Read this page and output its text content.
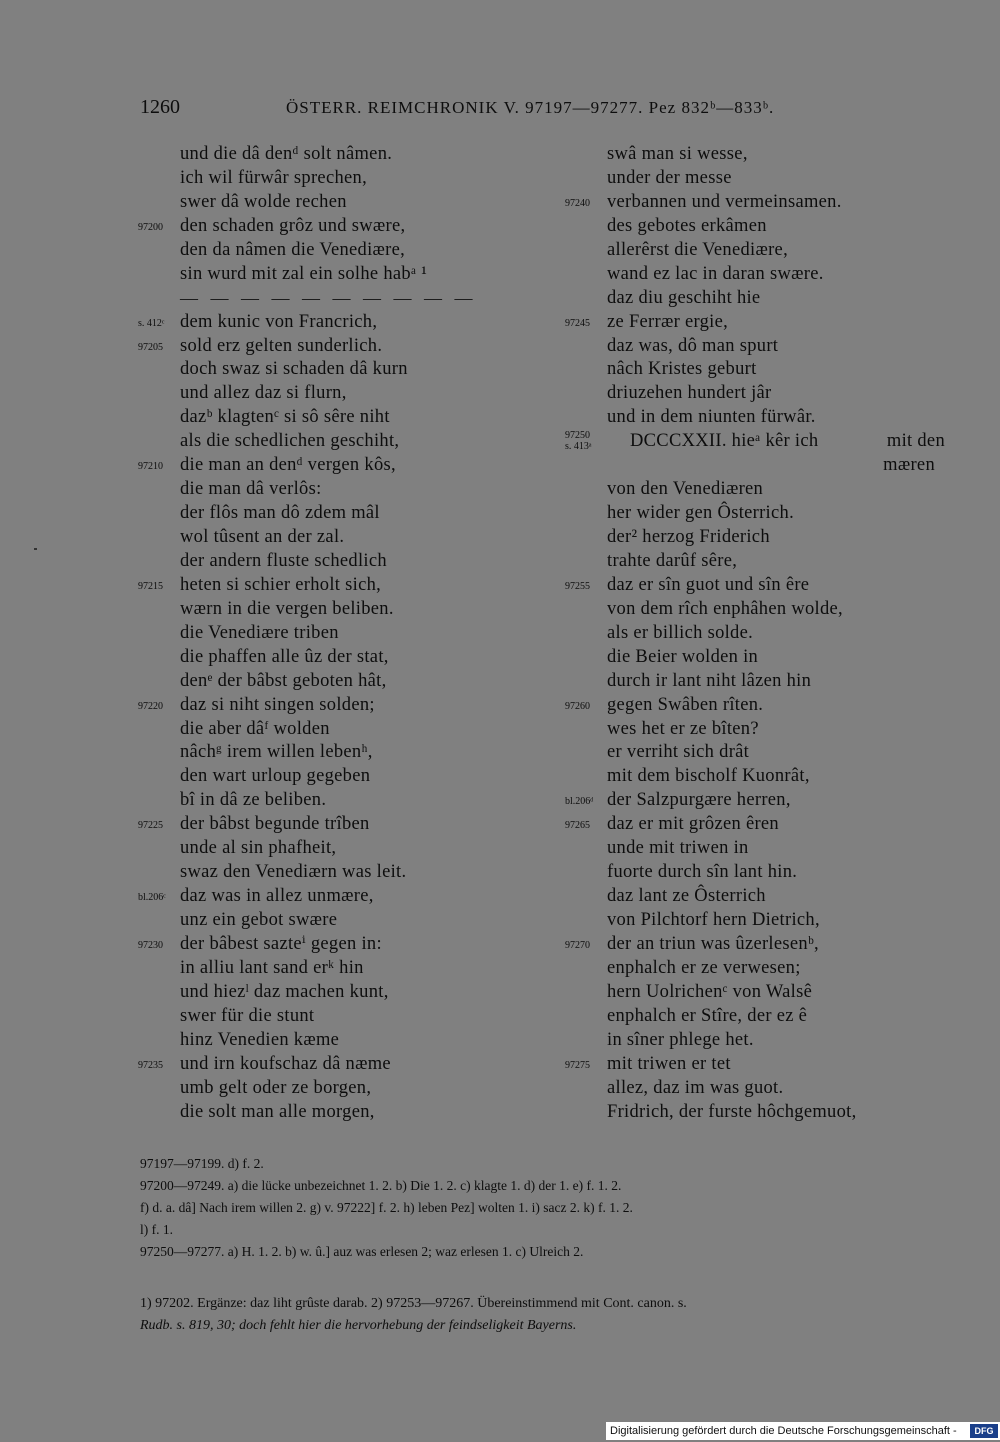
1260	ÖSTERR. REIMCHRONIK V. 97197—97277. Pez 832ᵇ—833ᵇ.
und die dâ denᵈ solt nâmen.
ich wil fürwâr sprechen,
swer dâ wolde rechen
97200 den schaden grôz und swære,
den da nâmen die Venediære,
sin wurd mit zal ein solhe habᵃ ¹
— — — — — — — — — —
s. 412ᶜ dem kunic von Francrich,
97205 sold erz gelten sunderlich.
doch swaz si schaden dâ kurn
und allez daz si flurn,
dazᵇ klagtenᶜ si sô sêre niht
als die schedlichen geschiht,
97210 die man an denᵈ vergen kôs,
die man dâ verlôs:
der flôs man dô zdem mâl
wol tûsent an der zal.
der andern fluste schedlich
97215 heten si schier erholt sich,
wærn in die vergen beliben.
die Venediære triben
die phaffen alle ûz der stat,
denᵉ der bâbst geboten hât,
97220 daz si niht singen solden;
die aber dâᶠ wolden
nâchᵍ irem willen lebenʰ,
den wart urloup gegeben
bî in dâ ze beliben.
97225 der bâbst begunde trîben
unde al sin phafheit,
swaz den Venediærn was leit.
bl.206ᶜ daz was in allez unmære,
unz ein gebot swære
97230 der bâbest sazteⁱ gegen in:
in alliu lant sand erᵏ hin
und hiezˡ daz machen kunt,
swer für die stunt
hinz Venedien kæme
97235 und irn koufschaz dâ næme
umb gelt oder ze borgen,
die solt man alle morgen,
swâ man si wesse,
under der messe
97240 verbannen und vermeinsamen.
des gebotes erkâmen
allerêrst die Venediære,
wand ez lac in daran swære.
daz diu geschiht hie
97245 ze Ferrær ergie,
daz was, dô man spurt
nâch Kristes geburt
driuzehen hundert jâr
und in dem niunten fürwâr.
97250
s. 413ᵃ DCCCXXII. hieᵃ kêr ich	mit den
mæren
von den Venediæren
her wider gen Ôsterrich.
der² herzog Friderich
trahte darûf sêre,
97255 daz er sîn guot und sîn êre
von dem rîch enphâhen wolde,
als er billich solde.
die Beier wolden in
durch ir lant niht lâzen hin
97260 gegen Swâben rîten.
wes het er ze bîten?
er verriht sich drât
mit dem bischolf Kuonrât,
bl.206ᵈ der Salzpurgære herren,
97265 daz er mit grôzen êren
unde mit triwen in
fuorte durch sîn lant hin.
daz lant ze Ôsterrich
von Pilchtorf hern Dietrich,
97270 der an triun was ûzerlesenᵇ,
enphalch er ze verwesen;
hern Uolrichenᶜ von Walsê
enphalch er Stîre, der ez ê
in sîner phlege het.
97275 mit triwen er tet
allez, daz im was guot.
Fridrich, der furste hôchgemuot,
97197—97199. d) f. 2.
97200—97249. a) die lücke unbezeichnet 1. 2. b) Die 1. 2. c) klagte 1. d) der 1. e) f. 1. 2.
f) d. a. dâ] Nach irem willen 2. g) v. 97222] f. 2. h) leben Pez] wolten 1. i) sacz 2. k) f. 1. 2.
l) f. 1.
97250—97277. a) H. 1. 2. b) w. û.] auz was erlesen 2; waz erlesen 1. c) Ulreich 2.
1) 97202. Ergänze: daz liht grûste darab. 2) 97253—97267. Übereinstimmend mit Cont. canon. s.
Rudb. s. 819, 30; doch fehlt hier die hervorhebung der feindseligkeit Bayerns.
Digitalisierung gefördert durch die Deutsche Forschungsgemeinschaft -	DFG
